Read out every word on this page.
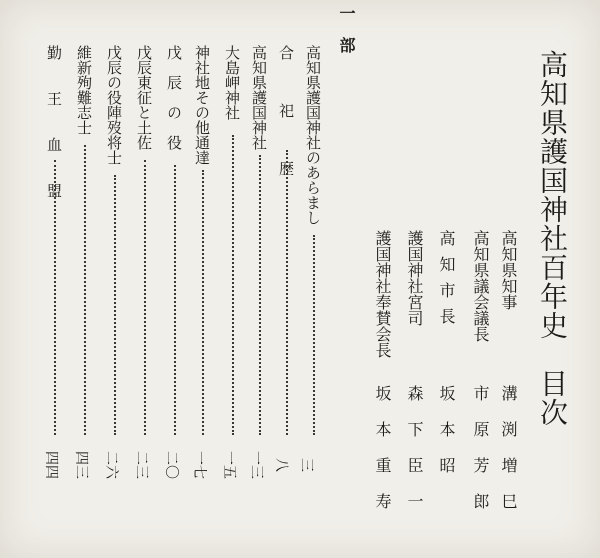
高知県護国神社百年史　目次
高知県知事
高知県議会議長
高知市長
護国神社宮司
護国神社奉賛会長
溝渕増巳
市原芳郎
坂本昭
森下臣一
坂本重寿
一　部
高知県護国神社のあらまし
三
合　祀　歴
八
高知県護国神社
一三
大島岬神社
一五
神社地その他通達
一七
戊　辰　の　役
二〇
戊辰東征と土佐
二三
戊辰の役陣歿将士
二六
維新殉難志士
四三
勤　王　血　盟
四四
